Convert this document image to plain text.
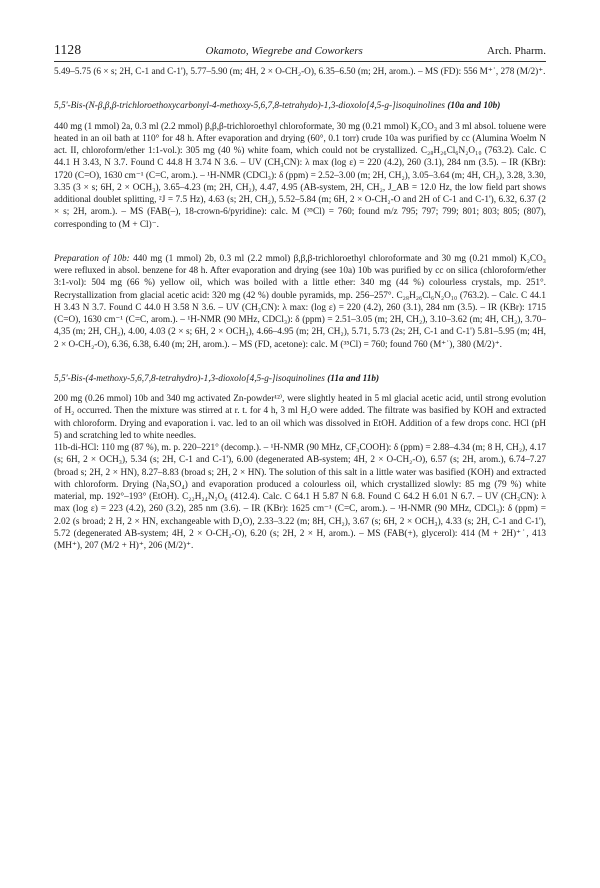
1128	Okamoto, Wiegrebe and Coworkers	Arch. Pharm.

5.49–5.75 (6 × s; 2H, C-1 and C-1'), 5.77–5.90 (m; 4H, 2 × O-CH₂-O), 6.35–6.50 (m; 2H, arom.). – MS (FD): 556 M⁺˙, 278 (M/2)⁺.

5,5'-Bis-(N-β,β,β-trichloroethoxycarbonyl-4-methoxy-5,6,7,8-tetrahydo)-1,3-dioxolo[4,5-g-]isoquinolines (10a and 10b)

440 mg (1 mmol) 2a, 0.3 ml (2.2 mmol) β,β,β-trichloroethyl chloroformate, 30 mg (0.21 mmol) K₂CO₃ and 3 ml absol. toluene were heated in an oil bath at 110° for 48 h. After evaporation and drying (60°, 0.1 torr) crude 10a was purified by cc (Alumina Woelm N act. II, chloroform/ether 1:1-vol.): 305 mg (40 %) white foam, which could not be crystallized. C₂₈H₂₆Cl₆N₂O₁₀ (763.2). Calc. C 44.1 H 3.43, N 3.7. Found C 44.8 H 3.74 N 3.6. – UV (CH₃CN): λ max (log ε) = 220 (4.2), 260 (3.1), 284 nm (3.5). – IR (KBr): 1720 (C=O), 1630 cm⁻¹ (C=C, arom.). – ¹H-NMR (CDCl₃): δ (ppm) = 2.52–3.00 (m; 2H, CH₂), 3.05–3.64 (m; 4H, CH₂), 3.28, 3.30, 3.35 (3 × s; 6H, 2 × OCH₃), 3.65–4.23 (m; 2H, CH₂), 4.47, 4.95 (AB-system, 2H, CH₂, J_AB = 12.0 Hz, the low field part shows additional doublet splitting, ²J = 7.5 Hz), 4.63 (s; 2H, CH₂), 5.52–5.84 (m; 6H, 2 × O-CH₂-O and 2H of C-1 and C-1'), 6.32, 6.37 (2 × s; 2H, arom.). – MS (FAB(–), 18-crown-6/pyridine): calc. M (³⁵Cl) = 760; found m/z 795; 797; 799; 801; 803; 805; (807), corresponding to (M + Cl)⁻.

Preparation of 10b: 440 mg (1 mmol) 2b, 0.3 ml (2.2 mmol) β,β,β-trichloroethyl chloroformate and 30 mg (0.21 mmol) K₂CO₃ were refluxed in absol. benzene for 48 h. After evaporation and drying (see 10a) 10b was purified by cc on silica (chloroform/ether 3:1-vol): 504 mg (66 %) yellow oil, which was boiled with a little ether: 340 mg (44 %) colourless crystals, mp. 251°. Recrystallization from glacial acetic acid: 320 mg (42 %) double pyramids, mp. 256–257°. C₂₈H₂₆Cl₆N₂O₁₀ (763.2). – Calc. C 44.1 H 3.43 N 3.7. Found C 44.0 H 3.58 N 3.6. – UV (CH₃CN): λ max: (log ε) = 220 (4.2), 260 (3.1), 284 nm (3.5). – IR (KBr): 1715 (C=O), 1630 cm⁻¹ (C=C, arom.). – ¹H-NMR (90 MHz, CDCl₃): δ (ppm) = 2.51–3.05 (m; 2H, CH₂), 3.10–3.62 (m; 4H, CH₂), 3.70–4,35 (m; 2H, CH₂), 4.00, 4.03 (2 × s; 6H, 2 × OCH₃), 4.66–4.95 (m; 2H, CH₂), 5.71, 5.73 (2s; 2H, C-1 and C-1') 5.81–5.95 (m; 4H, 2 × O-CH₂-O), 6.36, 6.38, 6.40 (m; 2H, arom.). – MS (FD, acetone): calc. M (³⁵Cl) = 760; found 760 (M⁺˙), 380 (M/2)⁺.

5,5'-Bis-(4-methoxy-5,6,7,8-tetrahydro)-1,3-dioxolo[4,5-g-]isoquinolines (11a and 11b)

200 mg (0.26 mmol) 10b and 340 mg activated Zn-powder¹²⁾, were slightly heated in 5 ml glacial acetic acid, until strong evolution of H₂ occurred. Then the mixture was stirred at r. t. for 4 h, 3 ml H₂O were added. The filtrate was basified by KOH and extracted with chloroform. Drying and evaporation i. vac. led to an oil which was dissolved in EtOH. Addition of a few drops conc. HCl (pH 5) and scratching led to white needles.

11b-di-HCl: 110 mg (87 %), m. p. 220–221° (decomp.). – ¹H-NMR (90 MHz, CF₃COOH): δ (ppm) = 2.88–4.34 (m; 8 H, CH₂), 4.17 (s; 6H, 2 × OCH₃), 5.34 (s; 2H, C-1 and C-1'), 6.00 (degenerated AB-system; 4H, 2 × O-CH₂-O), 6.57 (s; 2H, arom.), 6.74–7.27 (broad s; 2H, 2 × HN), 8.27–8.83 (broad s; 2H, 2 × HN). The solution of this salt in a little water was basified (KOH) and extracted with chloroform. Drying (Na₂SO₄) and evaporation produced a colourless oil, which crystallized slowly: 85 mg (79 %) white material, mp. 192°–193° (EtOH). C₂₂H₂₄N₂O₆ (412.4). Calc. C 64.1 H 5.87 N 6.8. Found C 64.2 H 6.01 N 6.7. – UV (CH₃CN): λ max (log ε) = 223 (4.2), 260 (3.2), 285 nm (3.6). – IR (KBr): 1625 cm⁻¹ (C=C, arom.). – ¹H-NMR (90 MHz, CDCl₃): δ (ppm) = 2.02 (s broad; 2 H, 2 × HN, exchangeable with D₂O), 2.33–3.22 (m; 8H, CH₂), 3.67 (s; 6H, 2 × OCH₃), 4.33 (s; 2H, C-1 and C-1'), 5.72 (degenerated AB-system; 4H, 2 × O-CH₂-O), 6.20 (s; 2H, 2 × H, arom.). – MS (FAB(+), glycerol): 414 (M + 2H)⁺˙, 413 (MH⁺), 207 (M/2 + H)⁺, 206 (M/2)⁺.
